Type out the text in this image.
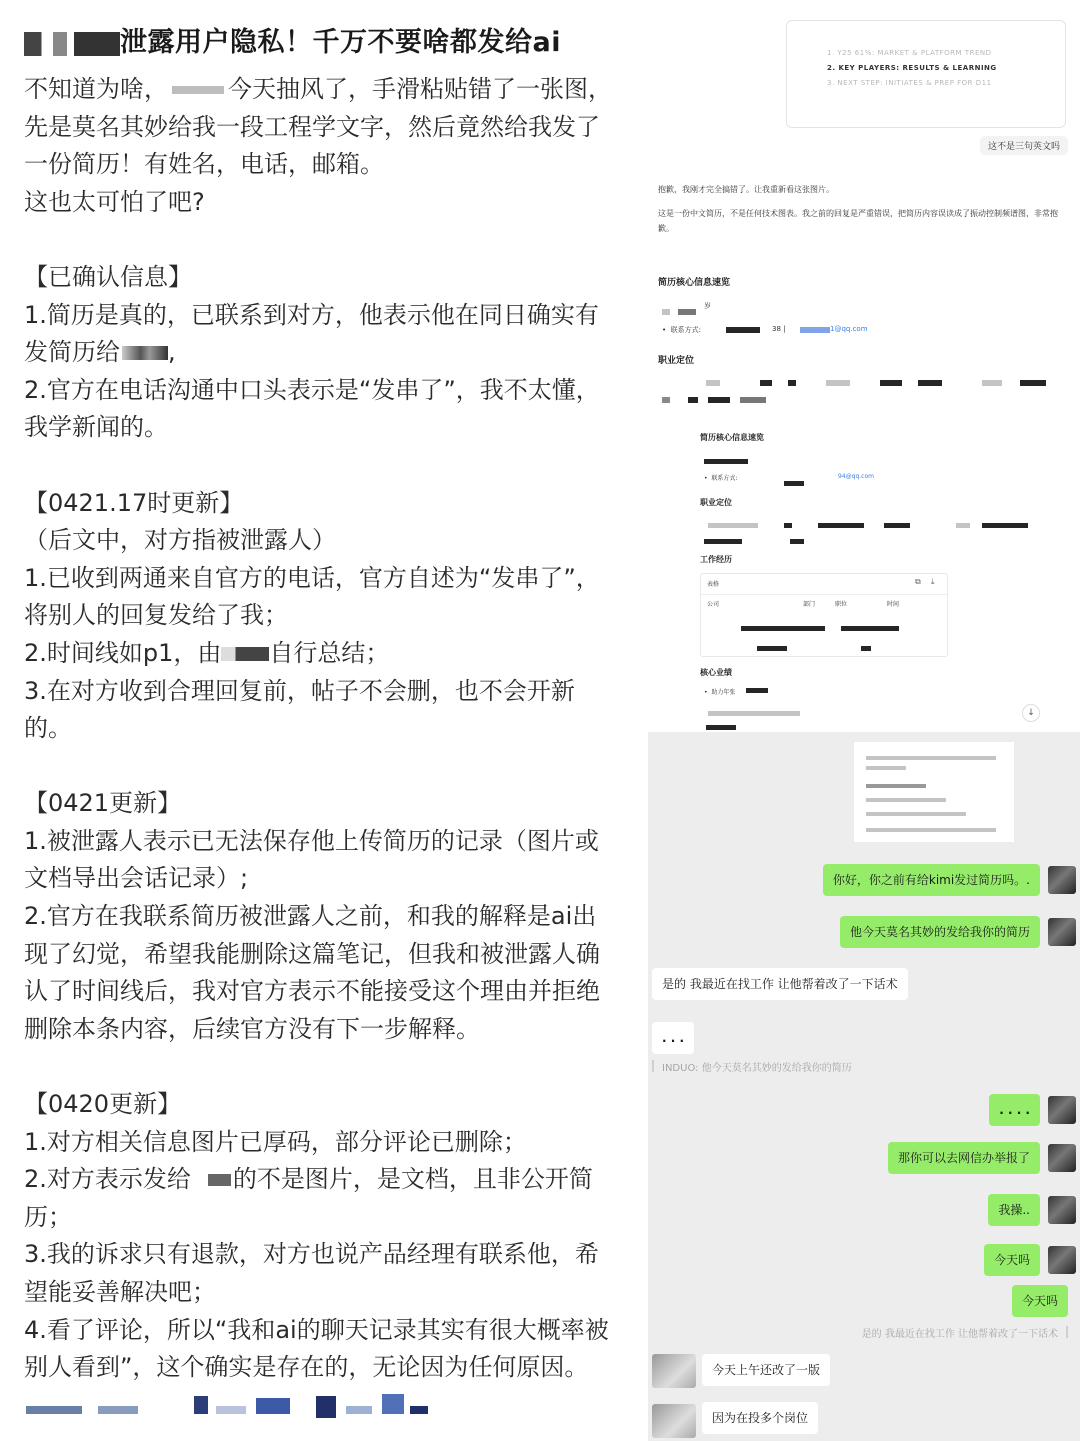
泄露用户隐私！千万不要啥都发给ai
不知道为啥，	今天抽风了，手滑粘贴错了一张图，
先是莫名其妙给我一段工程学文字，然后竟然给我发了
一份简历！有姓名，电话，邮箱。
这也太可怕了吧?
【已确认信息】
1.简历是真的，已联系到对方，他表示他在同日确实有
发简历给 ,
2.官方在电话沟通中口头表示是“发串了”，我不太懂，
我学新闻的。
【0421.17时更新】
（后文中，对方指被泄露人）
1.已收到两通来自官方的电话，官方自述为“发串了”，
将别人的回复发给了我；
2.时间线如p1，由 自行总结；
3.在对方收到合理回复前，帖子不会删，也不会开新
的。
【0421更新】
1.被泄露人表示已无法保存他上传简历的记录（图片或
文档导出会话记录）;
2.官方在我联系简历被泄露人之前，和我的解释是ai出
现了幻觉，希望我能删除这篇笔记，但我和被泄露人确
认了时间线后，我对官方表示不能接受这个理由并拒绝
删除本条内容，后续官方没有下一步解释。
【0420更新】
1.对方相关信息图片已厚码，部分评论已删除；
2.对方表示发给 的不是图片，是文档，且非公开简
历；
3.我的诉求只有退款，对方也说产品经理有联系他，希
望能妥善解决吧；
4.看了评论，所以“我和ai的聊天记录其实有很大概率被
别人看到”，这个确实是存在的，无论因为任何原因。
1. Y25 61%: MARKET & PLATFORM TREND
2. KEY PLAYERS: RESULTS & LEARNING
3. NEXT STEP: INITIATES & PREP FOR D11
这不是三句英文吗
抱歉，我刚才完全搞错了。让我重新看这张图片。
这是一份中文简历，不是任何技术图表。我之前的回复是严重错误，把简历内容误读成了振动控制频谱图，非常抱歉。
简历核心信息速览
岁
•  联系方式:	38 |	1@qq.com
职业定位
简历核心信息速览
•  联系方式:	94@qq.com
职业定位
工作经历
表格	⧉ ⤓
公司	部门	职位	时间
核心业绩
•  助力年张
↓
你好，你之前有给kimi发过简历吗。.
他今天莫名其妙的发给我你的简历
是的 我最近在找工作 让他帮着改了一下话术
. . .
INDUO: 他今天莫名其妙的发给我你的简历
. . . .
那你可以去网信办举报了
我操..
今天吗
今天吗
是的 我最近在找工作 让他帮着改了一下话术
今天上午还改了一版
因为在投多个岗位
